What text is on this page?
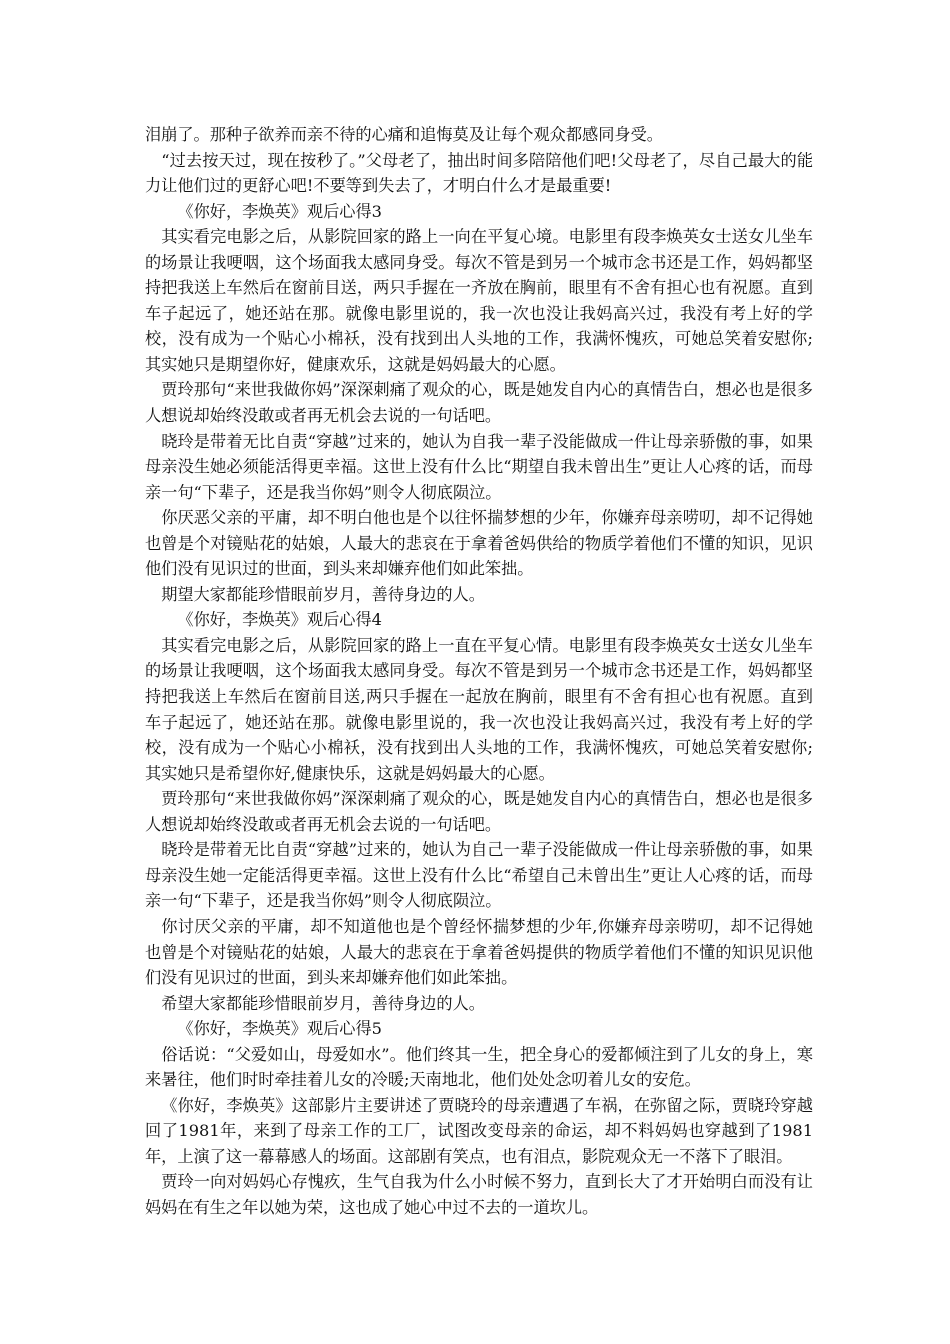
泪崩了。那种子欲养而亲不待的心痛和追悔莫及让每个观众都感同身受。

“过去按天过，现在按秒了。”父母老了，抽出时间多陪陪他们吧!父母老了，尽自己最大的能力让他们过的更舒心吧!不要等到失去了，才明白什么才是最重要!

《你好，李焕英》观后心得3

其实看完电影之后，从影院回家的路上一向在平复心境。电影里有段李焕英女士送女儿坐车的场景让我哽咽，这个场面我太感同身受。每次不管是到另一个城市念书还是工作，妈妈都坚持把我送上车然后在窗前目送，两只手握在一齐放在胸前，眼里有不舍有担心也有祝愿。直到车子起远了，她还站在那。就像电影里说的，我一次也没让我妈高兴过，我没有考上好的学校，没有成为一个贴心小棉袄，没有找到出人头地的工作，我满怀愧疚，可她总笑着安慰你;其实她只是期望你好，健康欢乐，这就是妈妈最大的心愿。

贾玲那句“来世我做你妈”深深刺痛了观众的心，既是她发自内心的真情告白，想必也是很多人想说却始终没敢或者再无机会去说的一句话吧。

晓玲是带着无比自责“穿越”过来的，她认为自我一辈子没能做成一件让母亲骄傲的事，如果母亲没生她必须能活得更幸福。这世上没有什么比“期望自我未曾出生”更让人心疼的话，而母亲一句“下辈子，还是我当你妈”则令人彻底陨泣。

你厌恶父亲的平庸，却不明白他也是个以往怀揣梦想的少年，你嫌弃母亲唠叨，却不记得她也曾是个对镜贴花的姑娘，人最大的悲哀在于拿着爸妈供给的物质学着他们不懂的知识，见识他们没有见识过的世面，到头来却嫌弃他们如此笨拙。

期望大家都能珍惜眼前岁月，善待身边的人。

《你好，李焕英》观后心得4

其实看完电影之后，从影院回家的路上一直在平复心情。电影里有段李焕英女士送女儿坐车的场景让我哽咽，这个场面我太感同身受。每次不管是到另一个城市念书还是工作，妈妈都坚持把我送上车然后在窗前目送,两只手握在一起放在胸前，眼里有不舍有担心也有祝愿。直到车子起远了，她还站在那。就像电影里说的，我一次也没让我妈高兴过，我没有考上好的学校，没有成为一个贴心小棉袄，没有找到出人头地的工作，我满怀愧疚，可她总笑着安慰你;其实她只是希望你好,健康快乐，这就是妈妈最大的心愿。

贾玲那句“来世我做你妈”深深刺痛了观众的心，既是她发自内心的真情告白，想必也是很多人想说却始终没敢或者再无机会去说的一句话吧。

晓玲是带着无比自责“穿越”过来的，她认为自己一辈子没能做成一件让母亲骄傲的事，如果母亲没生她一定能活得更幸福。这世上没有什么比“希望自己未曾出生”更让人心疼的话，而母亲一句“下辈子，还是我当你妈”则令人彻底陨泣。

你讨厌父亲的平庸，却不知道他也是个曾经怀揣梦想的少年,你嫌弃母亲唠叨，却不记得她也曾是个对镜贴花的姑娘，人最大的悲哀在于拿着爸妈提供的物质学着他们不懂的知识见识他们没有见识过的世面，到头来却嫌弃他们如此笨拙。

希望大家都能珍惜眼前岁月，善待身边的人。

《你好，李焕英》观后心得5

俗话说：“父爱如山，母爱如水”。他们终其一生，把全身心的爱都倾注到了儿女的身上，寒来暑往，他们时时牵挂着儿女的冷暖;天南地北，他们处处念叨着儿女的安危。

《你好，李焕英》这部影片主要讲述了贾晓玲的母亲遭遇了车祸，在弥留之际，贾晓玲穿越回了1981年，来到了母亲工作的工厂，试图改变母亲的命运，却不料妈妈也穿越到了1981年，上演了这一幕幕感人的场面。这部剧有笑点，也有泪点，影院观众无一不落下了眼泪。

贾玲一向对妈妈心存愧疚，生气自我为什么小时候不努力，直到长大了才开始明白而没有让妈妈在有生之年以她为荣，这也成了她心中过不去的一道坎儿。
